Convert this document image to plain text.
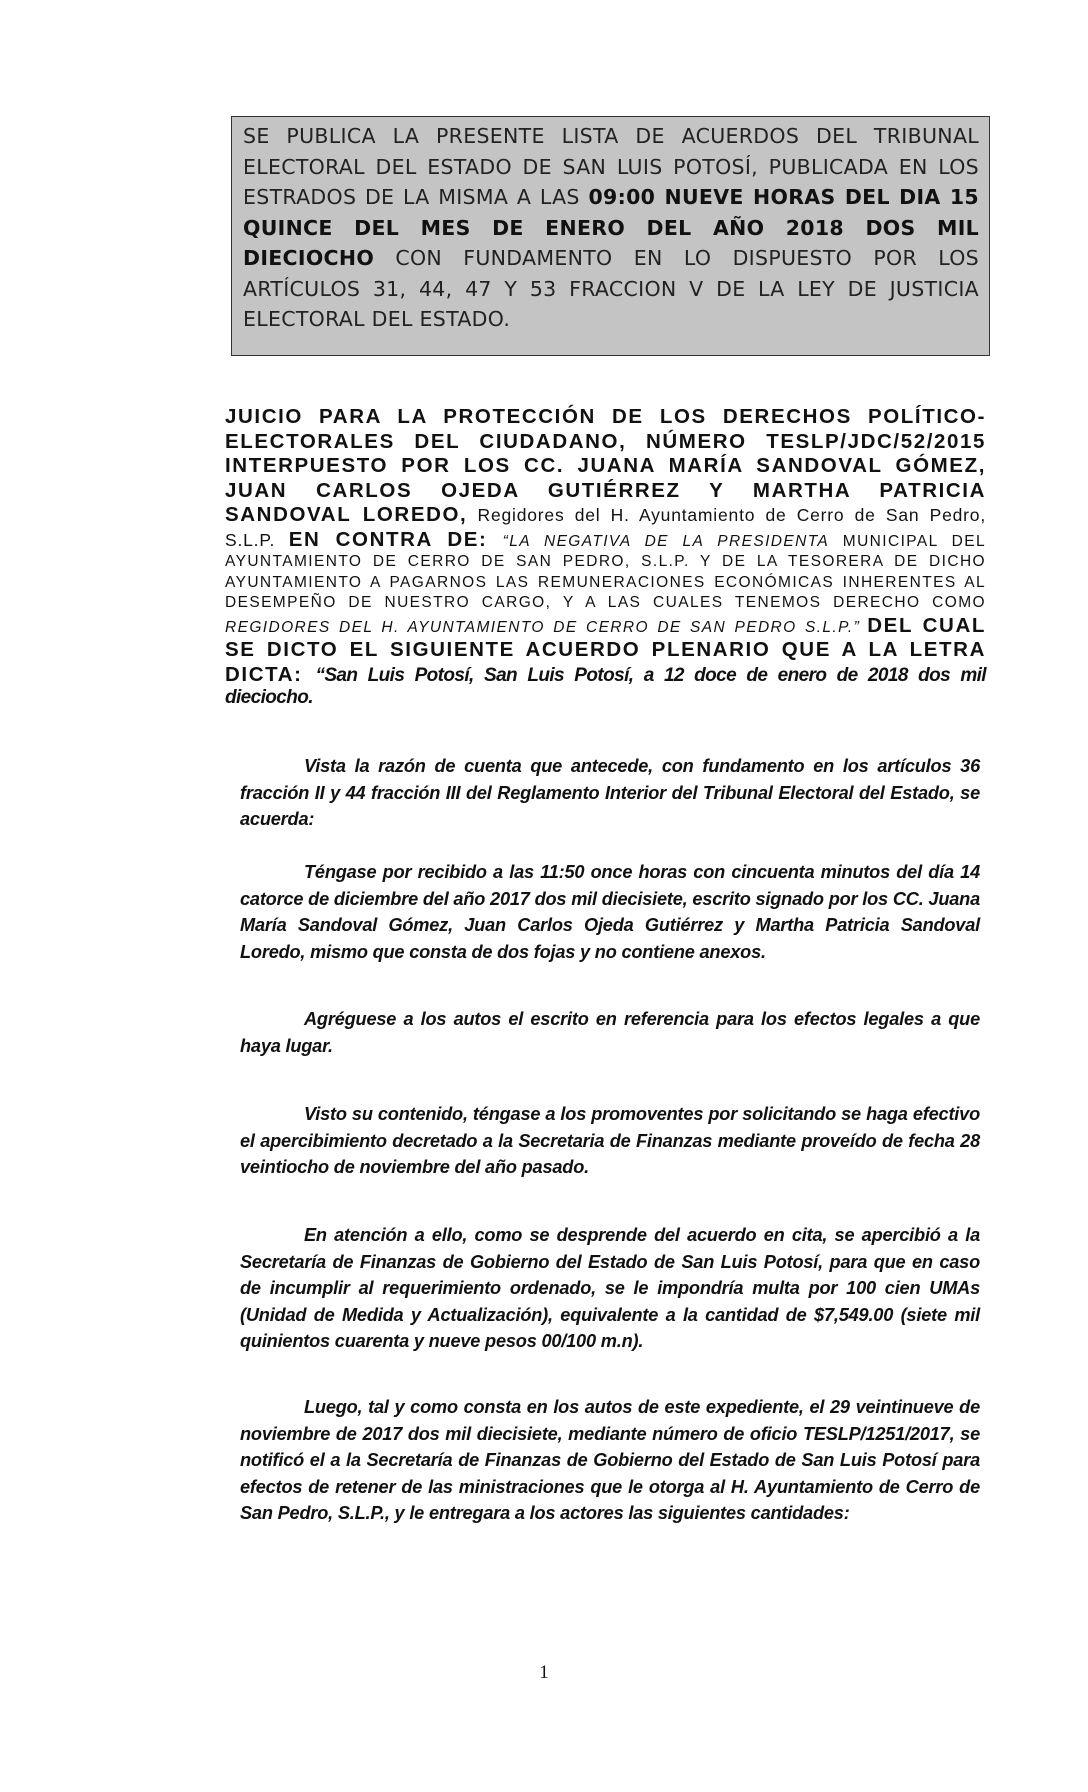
SE PUBLICA LA PRESENTE LISTA DE ACUERDOS DEL TRIBUNAL ELECTORAL DEL ESTADO DE SAN LUIS POTOSÍ, PUBLICADA EN LOS ESTRADOS DE LA MISMA A LAS 09:00 NUEVE HORAS DEL DIA 15 QUINCE DEL MES DE ENERO DEL AÑO 2018 DOS MIL DIECIOCHO CON FUNDAMENTO EN LO DISPUESTO POR LOS ARTÍCULOS 31, 44, 47 Y 53 FRACCION V DE LA LEY DE JUSTICIA ELECTORAL DEL ESTADO.
JUICIO PARA LA PROTECCIÓN DE LOS DERECHOS POLÍTICO-ELECTORALES DEL CIUDADANO, NÚMERO TESLP/JDC/52/2015 INTERPUESTO POR LOS CC. JUANA MARÍA SANDOVAL GÓMEZ, JUAN CARLOS OJEDA GUTIÉRREZ Y MARTHA PATRICIA SANDOVAL LOREDO, Regidores del H. Ayuntamiento de Cerro de San Pedro, S.L.P. EN CONTRA DE: “LA NEGATIVA DE LA PRESIDENTA MUNICIPAL DEL AYUNTAMIENTO DE CERRO DE SAN PEDRO, S.L.P. Y DE LA TESORERA DE DICHO AYUNTAMIENTO A PAGARNOS LAS REMUNERACIONES ECONÓMICAS INHERENTES AL DESEMPEÑO DE NUESTRO CARGO, Y A LAS CUALES TENEMOS DERECHO COMO REGIDORES DEL H. AYUNTAMIENTO DE CERRO DE SAN PEDRO S.L.P.” DEL CUAL SE DICTO EL SIGUIENTE ACUERDO PLENARIO QUE A LA LETRA DICTA: “San Luis Potosí, San Luis Potosí, a 12 doce de enero de 2018 dos mil dieciocho.

Vista la razón de cuenta que antecede, con fundamento en los artículos 36 fracción II y 44 fracción III del Reglamento Interior del Tribunal Electoral del Estado, se acuerda:

Téngase por recibido a las 11:50 once horas con cincuenta minutos del día 14 catorce de diciembre del año 2017 dos mil diecisiete, escrito signado por los CC. Juana María Sandoval Gómez, Juan Carlos Ojeda Gutiérrez y Martha Patricia Sandoval Loredo, mismo que consta de dos fojas y no contiene anexos.

Agréguese a los autos el escrito en referencia para los efectos legales a que haya lugar.

Visto su contenido, téngase a los promoventes por solicitando se haga efectivo el apercibimiento decretado a la Secretaria de Finanzas mediante proveído de fecha 28 veintiocho de noviembre del año pasado.

En atención a ello, como se desprende del acuerdo en cita, se apercibió a la Secretaría de Finanzas de Gobierno del Estado de San Luis Potosí, para que en caso de incumplir al requerimiento ordenado, se le impondría multa por 100 cien UMAs (Unidad de Medida y Actualización), equivalente a la cantidad de $7,549.00 (siete mil quinientos cuarenta y nueve pesos 00/100 m.n).

Luego, tal y como consta en los autos de este expediente, el 29 veintinueve de noviembre de 2017 dos mil diecisiete, mediante número de oficio TESLP/1251/2017, se notificó el a la Secretaría de Finanzas de Gobierno del Estado de San Luis Potosí para efectos de retener de las ministraciones que le otorga al H. Ayuntamiento de Cerro de San Pedro, S.L.P., y le entregara a los actores las siguientes cantidades:

1
